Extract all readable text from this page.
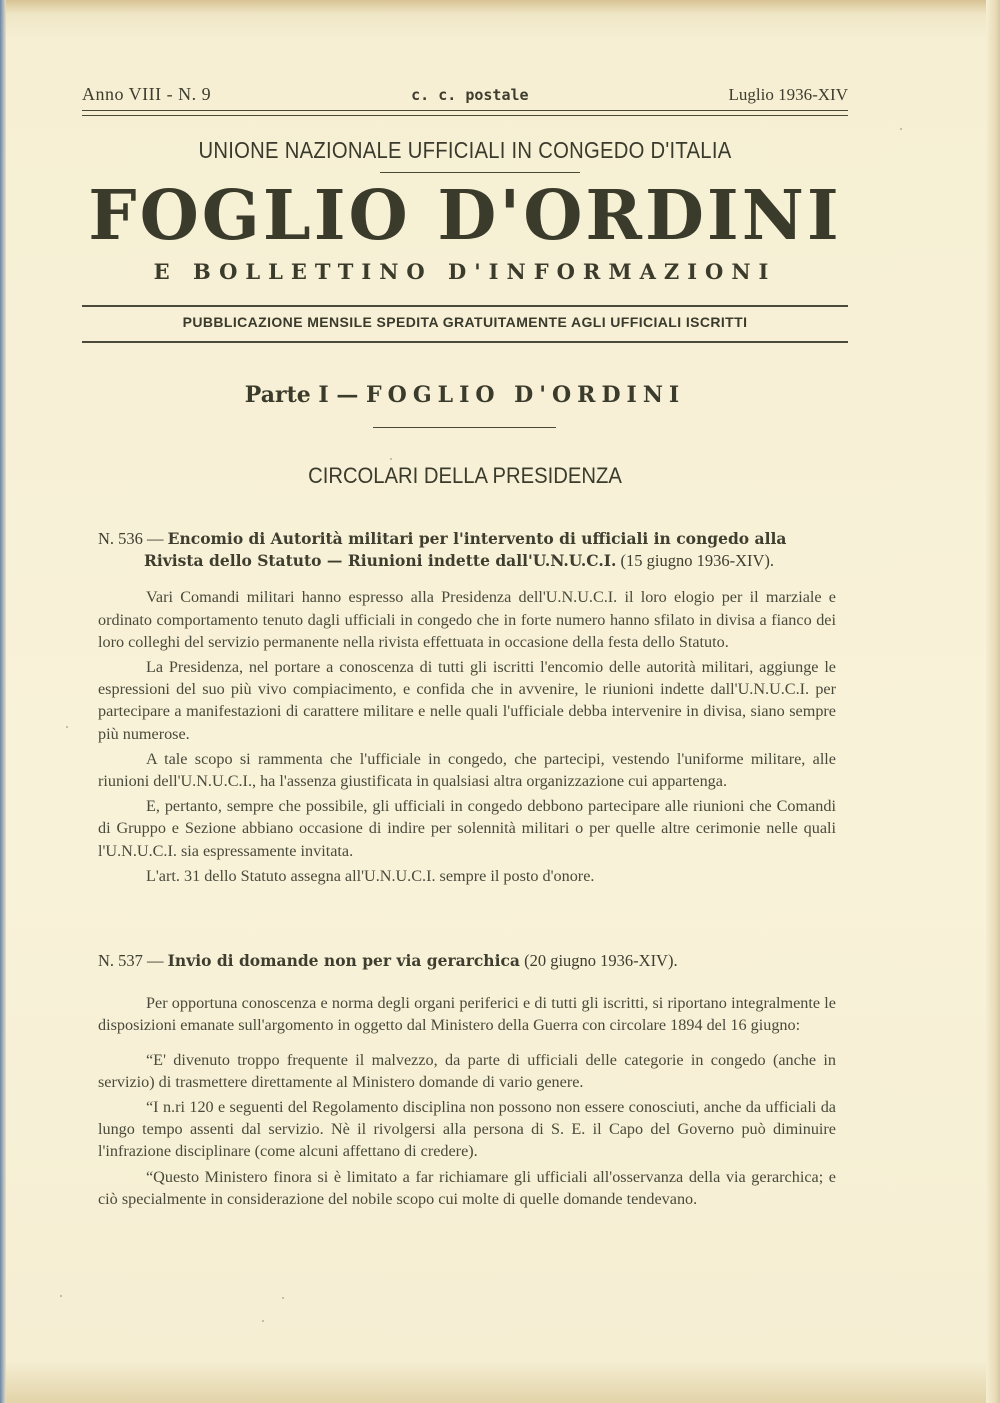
Anno VIII - N. 9	c. c. postale	Luglio 1936-XIV
UNIONE NAZIONALE UFFICIALI IN CONGEDO D'ITALIA
FOGLIO D'ORDINI
E BOLLETTINO D'INFORMAZIONI
PUBBLICAZIONE MENSILE SPEDITA GRATUITAMENTE AGLI UFFICIALI ISCRITTI
Parte I — FOGLIO D'ORDINI
CIRCOLARI DELLA PRESIDENZA

N. 536 — Encomio di Autorità militari per l'intervento di ufficiali in congedo alla Rivista dello Statuto — Riunioni indette dall'U.N.U.C.I. (15 giugno 1936-XIV).

Vari Comandi militari hanno espresso alla Presidenza dell'U.N.U.C.I. il loro elogio per il marziale e ordinato comportamento tenuto dagli ufficiali in congedo che in forte numero hanno sfilato in divisa a fianco dei loro colleghi del servizio permanente nella rivista effettuata in occasione della festa dello Statuto.

La Presidenza, nel portare a conoscenza di tutti gli iscritti l'encomio delle autorità militari, aggiunge le espressioni del suo più vivo compiacimento, e confida che in avvenire, le riunioni indette dall'U.N.U.C.I. per partecipare a manifestazioni di carattere militare e nelle quali l'ufficiale debba intervenire in divisa, siano sempre più numerose.

A tale scopo si rammenta che l'ufficiale in congedo, che partecipi, vestendo l'uniforme militare, alle riunioni dell'U.N.U.C.I., ha l'assenza giustificata in qualsiasi altra organizzazione cui appartenga.

E, pertanto, sempre che possibile, gli ufficiali in congedo debbono partecipare alle riunioni che Comandi di Gruppo e Sezione abbiano occasione di indire per solennità militari o per quelle altre cerimonie nelle quali l'U.N.U.C.I. sia espressamente invitata.

L'art. 31 dello Statuto assegna all'U.N.U.C.I. sempre il posto d'onore.

N. 537 — Invio di domande non per via gerarchica (20 giugno 1936-XIV).

Per opportuna conoscenza e norma degli organi periferici e di tutti gli iscritti, si riportano integralmente le disposizioni emanate sull'argomento in oggetto dal Ministero della Guerra con circolare 1894 del 16 giugno:

“E' divenuto troppo frequente il malvezzo, da parte di ufficiali delle categorie in congedo (anche in servizio) di trasmettere direttamente al Ministero domande di vario genere.

“I n.ri 120 e seguenti del Regolamento disciplina non possono non essere conosciuti, anche da ufficiali da lungo tempo assenti dal servizio. Nè il rivolgersi alla persona di S. E. il Capo del Governo può diminuire l'infrazione disciplinare (come alcuni affettano di credere).

“Questo Ministero finora si è limitato a far richiamare gli ufficiali all'osservanza della via gerarchica; e ciò specialmente in considerazione del nobile scopo cui molte di quelle domande tendevano.
